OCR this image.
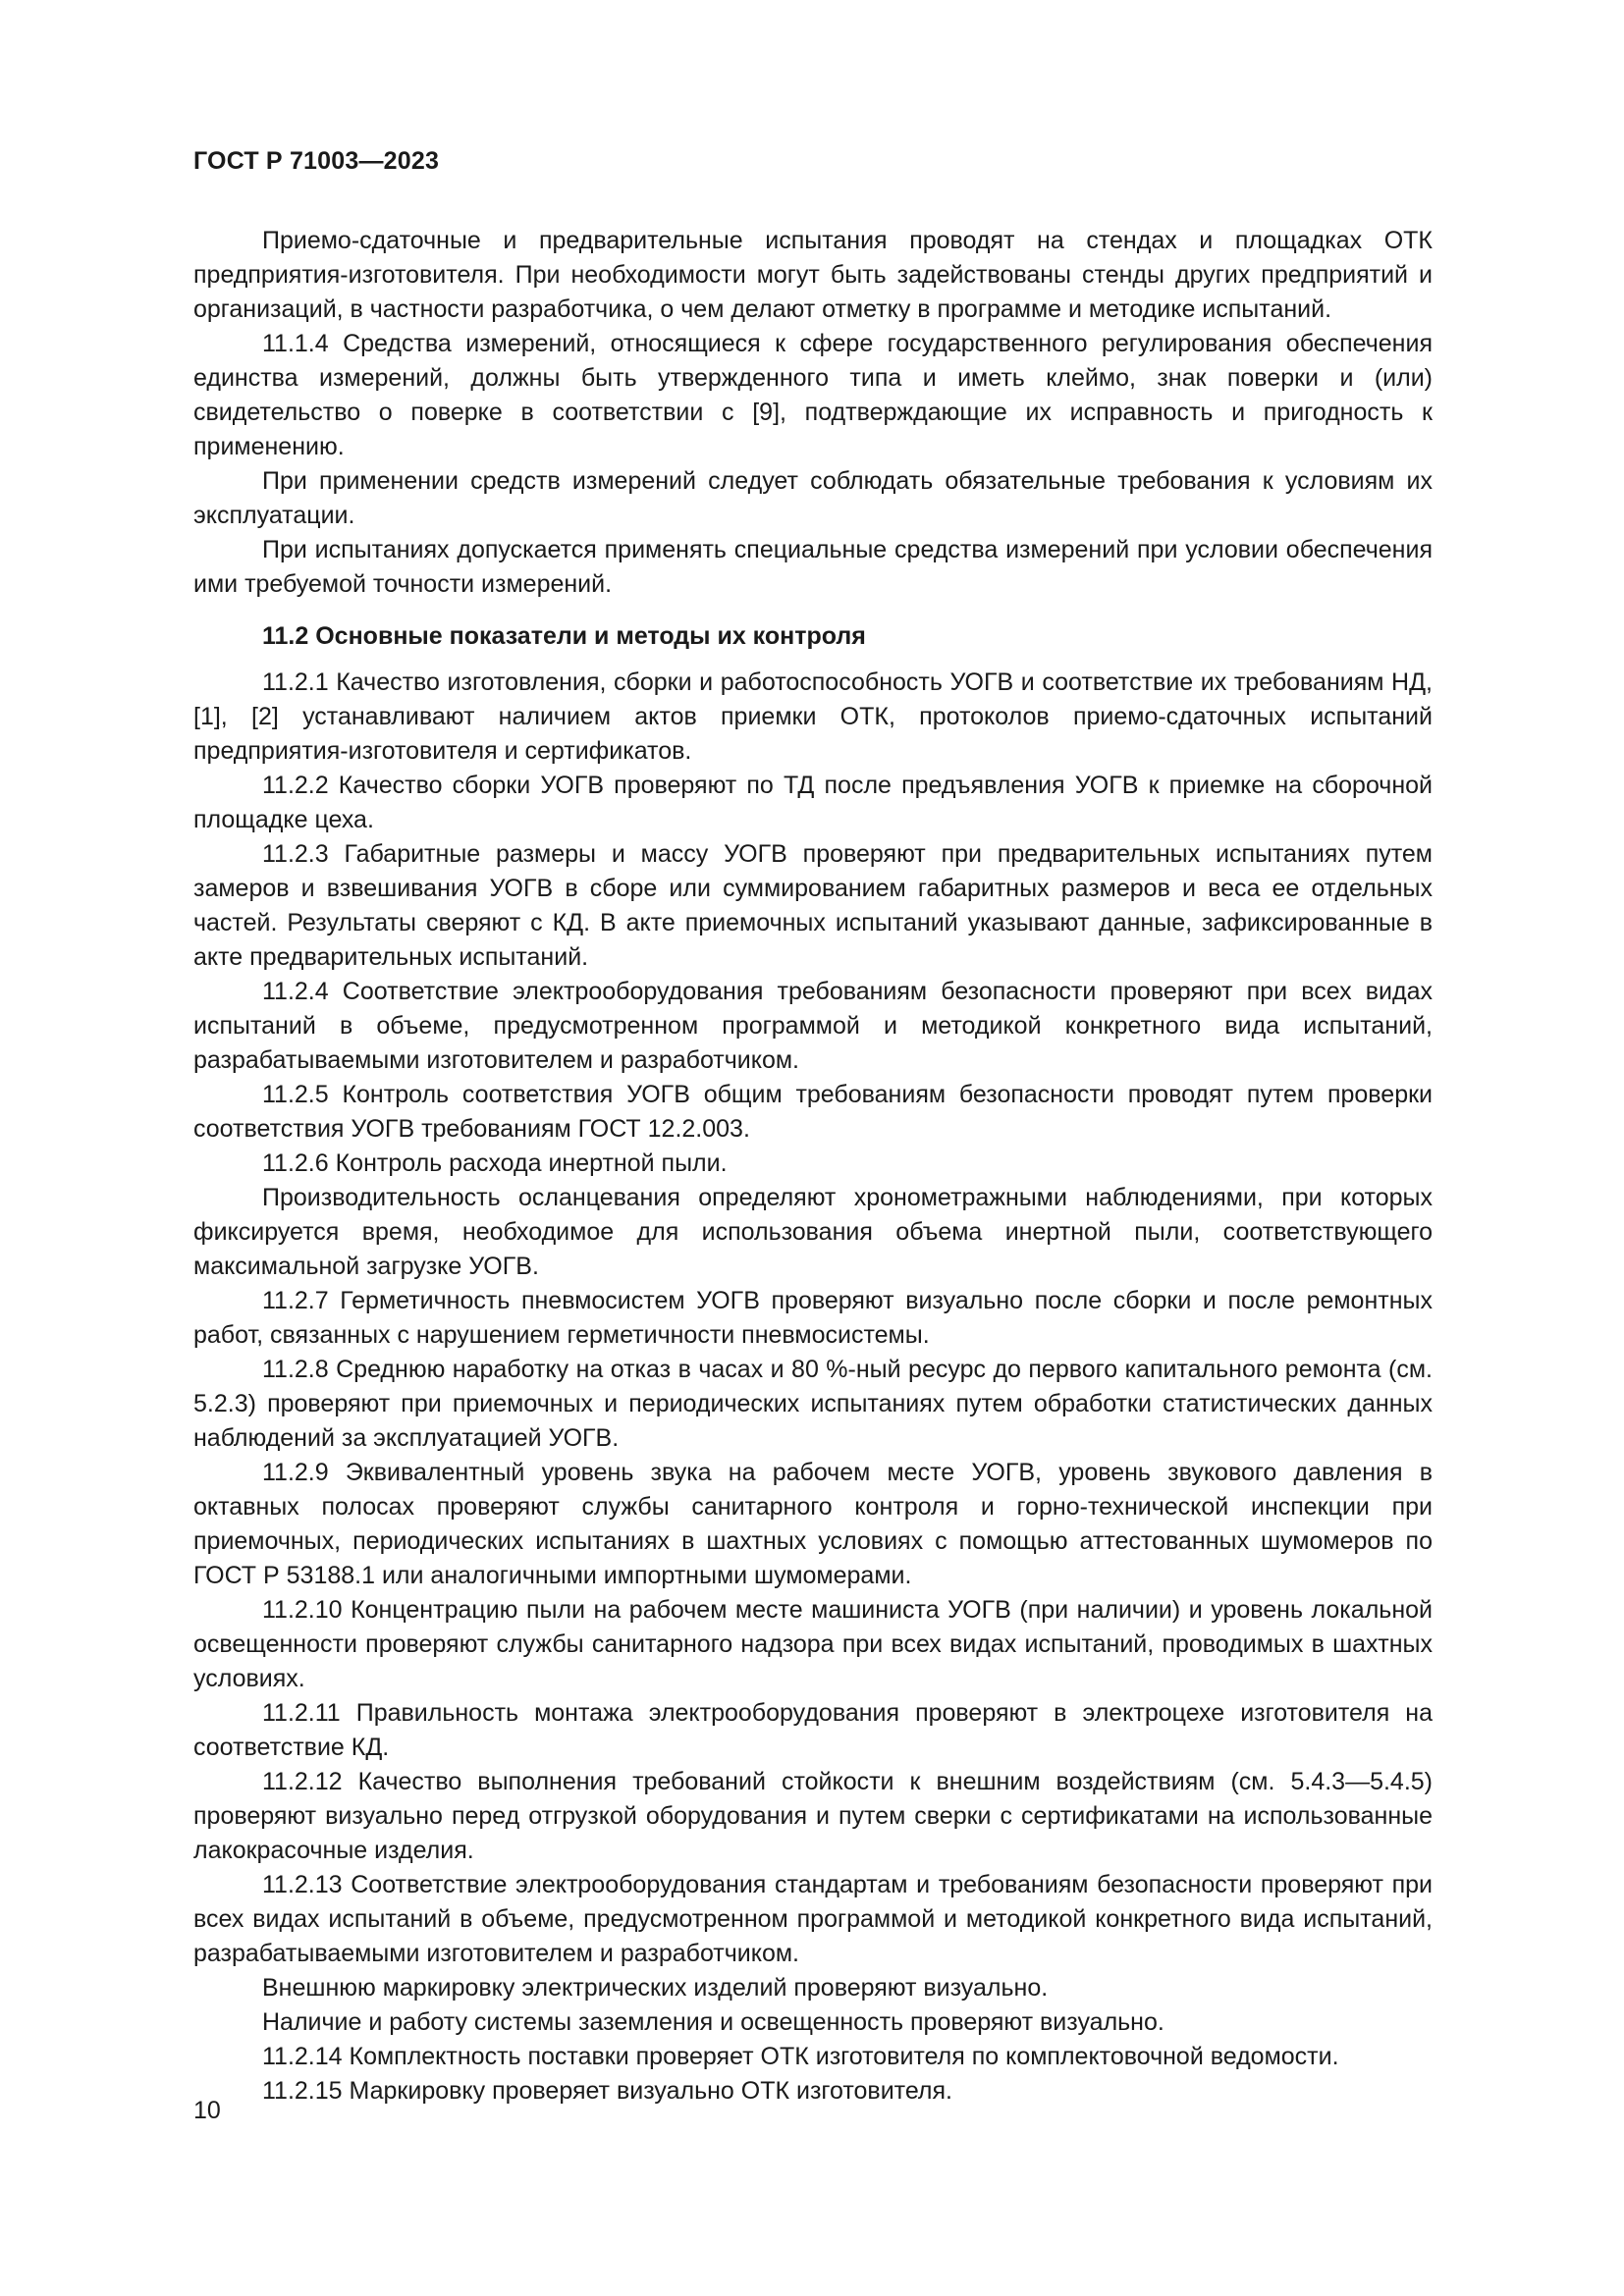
ГОСТ Р 71003—2023

Приемо-сдаточные и предварительные испытания проводят на стендах и площадках ОТК предприятия-изготовителя. При необходимости могут быть задействованы стенды других предприятий и организаций, в частности разработчика, о чем делают отметку в программе и методике испытаний.

11.1.4 Средства измерений, относящиеся к сфере государственного регулирования обеспечения единства измерений, должны быть утвержденного типа и иметь клеймо, знак поверки и (или) свидетельство о поверке в соответствии с [9], подтверждающие их исправность и пригодность к применению.

При применении средств измерений следует соблюдать обязательные требования к условиям их эксплуатации.

При испытаниях допускается применять специальные средства измерений при условии обеспечения ими требуемой точности измерений.

11.2 Основные показатели и методы их контроля

11.2.1 Качество изготовления, сборки и работоспособность УОГВ и соответствие их требованиям НД, [1], [2] устанавливают наличием актов приемки ОТК, протоколов приемо-сдаточных испытаний предприятия-изготовителя и сертификатов.

11.2.2 Качество сборки УОГВ проверяют по ТД после предъявления УОГВ к приемке на сборочной площадке цеха.

11.2.3 Габаритные размеры и массу УОГВ проверяют при предварительных испытаниях путем замеров и взвешивания УОГВ в сборе или суммированием габаритных размеров и веса ее отдельных частей. Результаты сверяют с КД. В акте приемочных испытаний указывают данные, зафиксированные в акте предварительных испытаний.

11.2.4 Соответствие электрооборудования требованиям безопасности проверяют при всех видах испытаний в объеме, предусмотренном программой и методикой конкретного вида испытаний, разрабатываемыми изготовителем и разработчиком.

11.2.5 Контроль соответствия УОГВ общим требованиям безопасности проводят путем проверки соответствия УОГВ требованиям ГОСТ 12.2.003.

11.2.6 Контроль расхода инертной пыли.

Производительность осланцевания определяют хронометражными наблюдениями, при которых фиксируется время, необходимое для использования объема инертной пыли, соответствующего максимальной загрузке УОГВ.

11.2.7 Герметичность пневмосистем УОГВ проверяют визуально после сборки и после ремонтных работ, связанных с нарушением герметичности пневмосистемы.

11.2.8 Среднюю наработку на отказ в часах и 80 %-ный ресурс до первого капитального ремонта (см. 5.2.3) проверяют при приемочных и периодических испытаниях путем обработки статистических данных наблюдений за эксплуатацией УОГВ.

11.2.9 Эквивалентный уровень звука на рабочем месте УОГВ, уровень звукового давления в октавных полосах проверяют службы санитарного контроля и горно-технической инспекции при приемочных, периодических испытаниях в шахтных условиях с помощью аттестованных шумомеров по ГОСТ Р 53188.1 или аналогичными импортными шумомерами.

11.2.10 Концентрацию пыли на рабочем месте машиниста УОГВ (при наличии) и уровень локальной освещенности проверяют службы санитарного надзора при всех видах испытаний, проводимых в шахтных условиях.

11.2.11 Правильность монтажа электрооборудования проверяют в электроцехе изготовителя на соответствие КД.

11.2.12 Качество выполнения требований стойкости к внешним воздействиям (см. 5.4.3—5.4.5) проверяют визуально перед отгрузкой оборудования и путем сверки с сертификатами на использованные лакокрасочные изделия.

11.2.13 Соответствие электрооборудования стандартам и требованиям безопасности проверяют при всех видах испытаний в объеме, предусмотренном программой и методикой конкретного вида испытаний, разрабатываемыми изготовителем и разработчиком.

Внешнюю маркировку электрических изделий проверяют визуально.

Наличие и работу системы заземления и освещенность проверяют визуально.

11.2.14 Комплектность поставки проверяет ОТК изготовителя по комплектовочной ведомости.

11.2.15 Маркировку проверяет визуально ОТК изготовителя.

10
